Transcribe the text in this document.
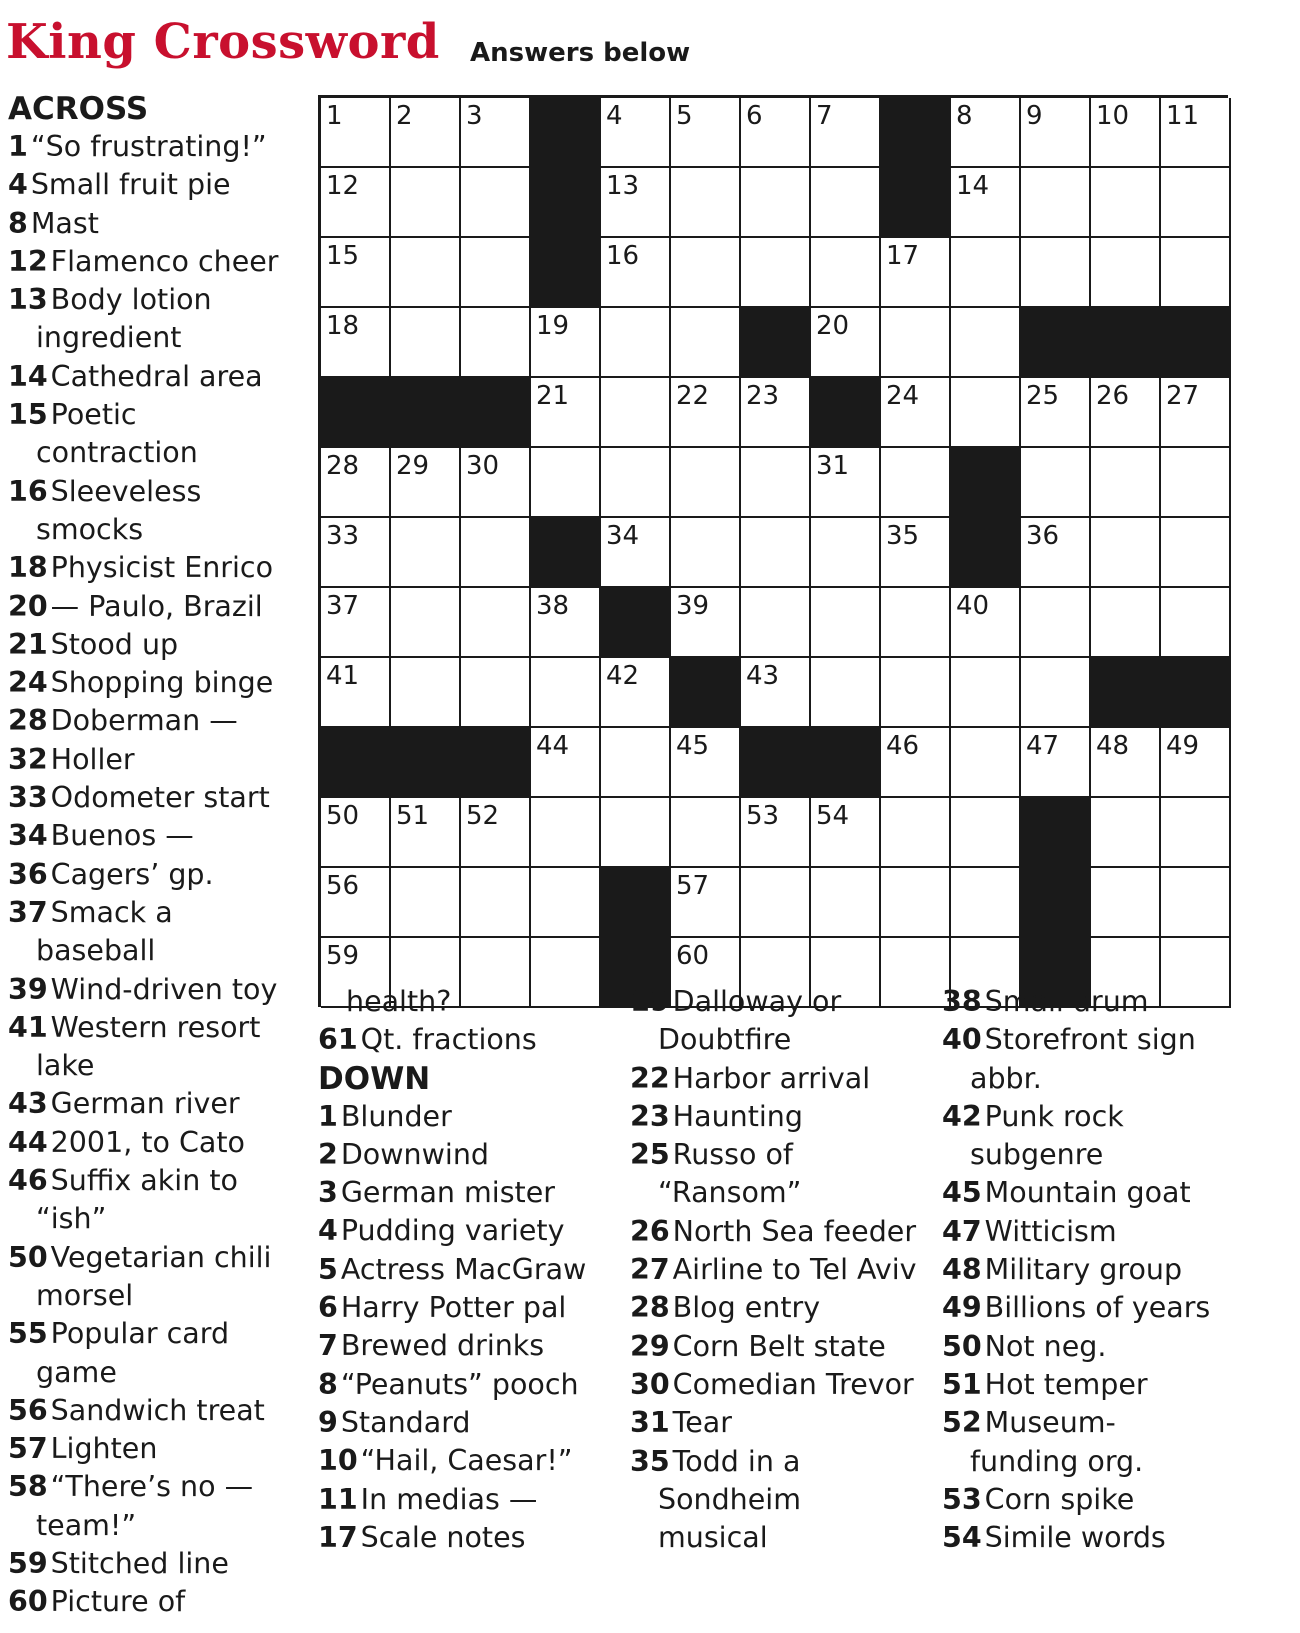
King Crossword Answers below
1 2 3	4 5 6 7	8 9 10 11
12	13	14
15	16	17
18	19	20
21	22 23	24	25 26 27
28 29 30	31
33	34	35	36
37	38	39	40
41	42	43
44	45	46	47 48 49
50 51 52	53 54
56	57
59	60
ACROSS
1 “So frustrating!”
4 Small fruit pie
8 Mast
12 Flamenco cheer
13 Body lotion
ingredient
14 Cathedral area
15 Poetic
contraction
16 Sleeveless
smocks
18 Physicist Enrico
20 — Paulo, Brazil
21 Stood up
24 Shopping binge
28 Doberman —
32 Holler
33 Odometer start
34 Buenos —
36 Cagers’ gp.
37 Smack a
baseball
39 Wind-driven toy
41 Western resort
lake
43 German river
44 2001, to Cato
46 Suffix akin to
“ish”
50 Vegetarian chili
morsel
55 Popular card
game
56 Sandwich treat
57 Lighten
58 “There’s no —
team!”
59 Stitched line
60 Picture of
health?
61 Qt. fractions
DOWN
1 Blunder
2 Downwind
3 German mister
4 Pudding variety
5 Actress MacGraw
6 Harry Potter pal
7 Brewed drinks
8 “Peanuts” pooch
9 Standard
10 “Hail, Caesar!”
11 In medias —
17 Scale notes
19 Dalloway or
Doubtfire
22 Harbor arrival
23 Haunting
25 Russo of
“Ransom”
26 North Sea feeder
27 Airline to Tel Aviv
28 Blog entry
29 Corn Belt state
30 Comedian Trevor
31 Tear
35 Todd in a
Sondheim
musical
38 Small drum
40 Storefront sign
abbr.
42 Punk rock
subgenre
45 Mountain goat
47 Witticism
48 Military group
49 Billions of years
50 Not neg.
51 Hot temper
52 Museum-
funding org.
53 Corn spike
54 Simile words
